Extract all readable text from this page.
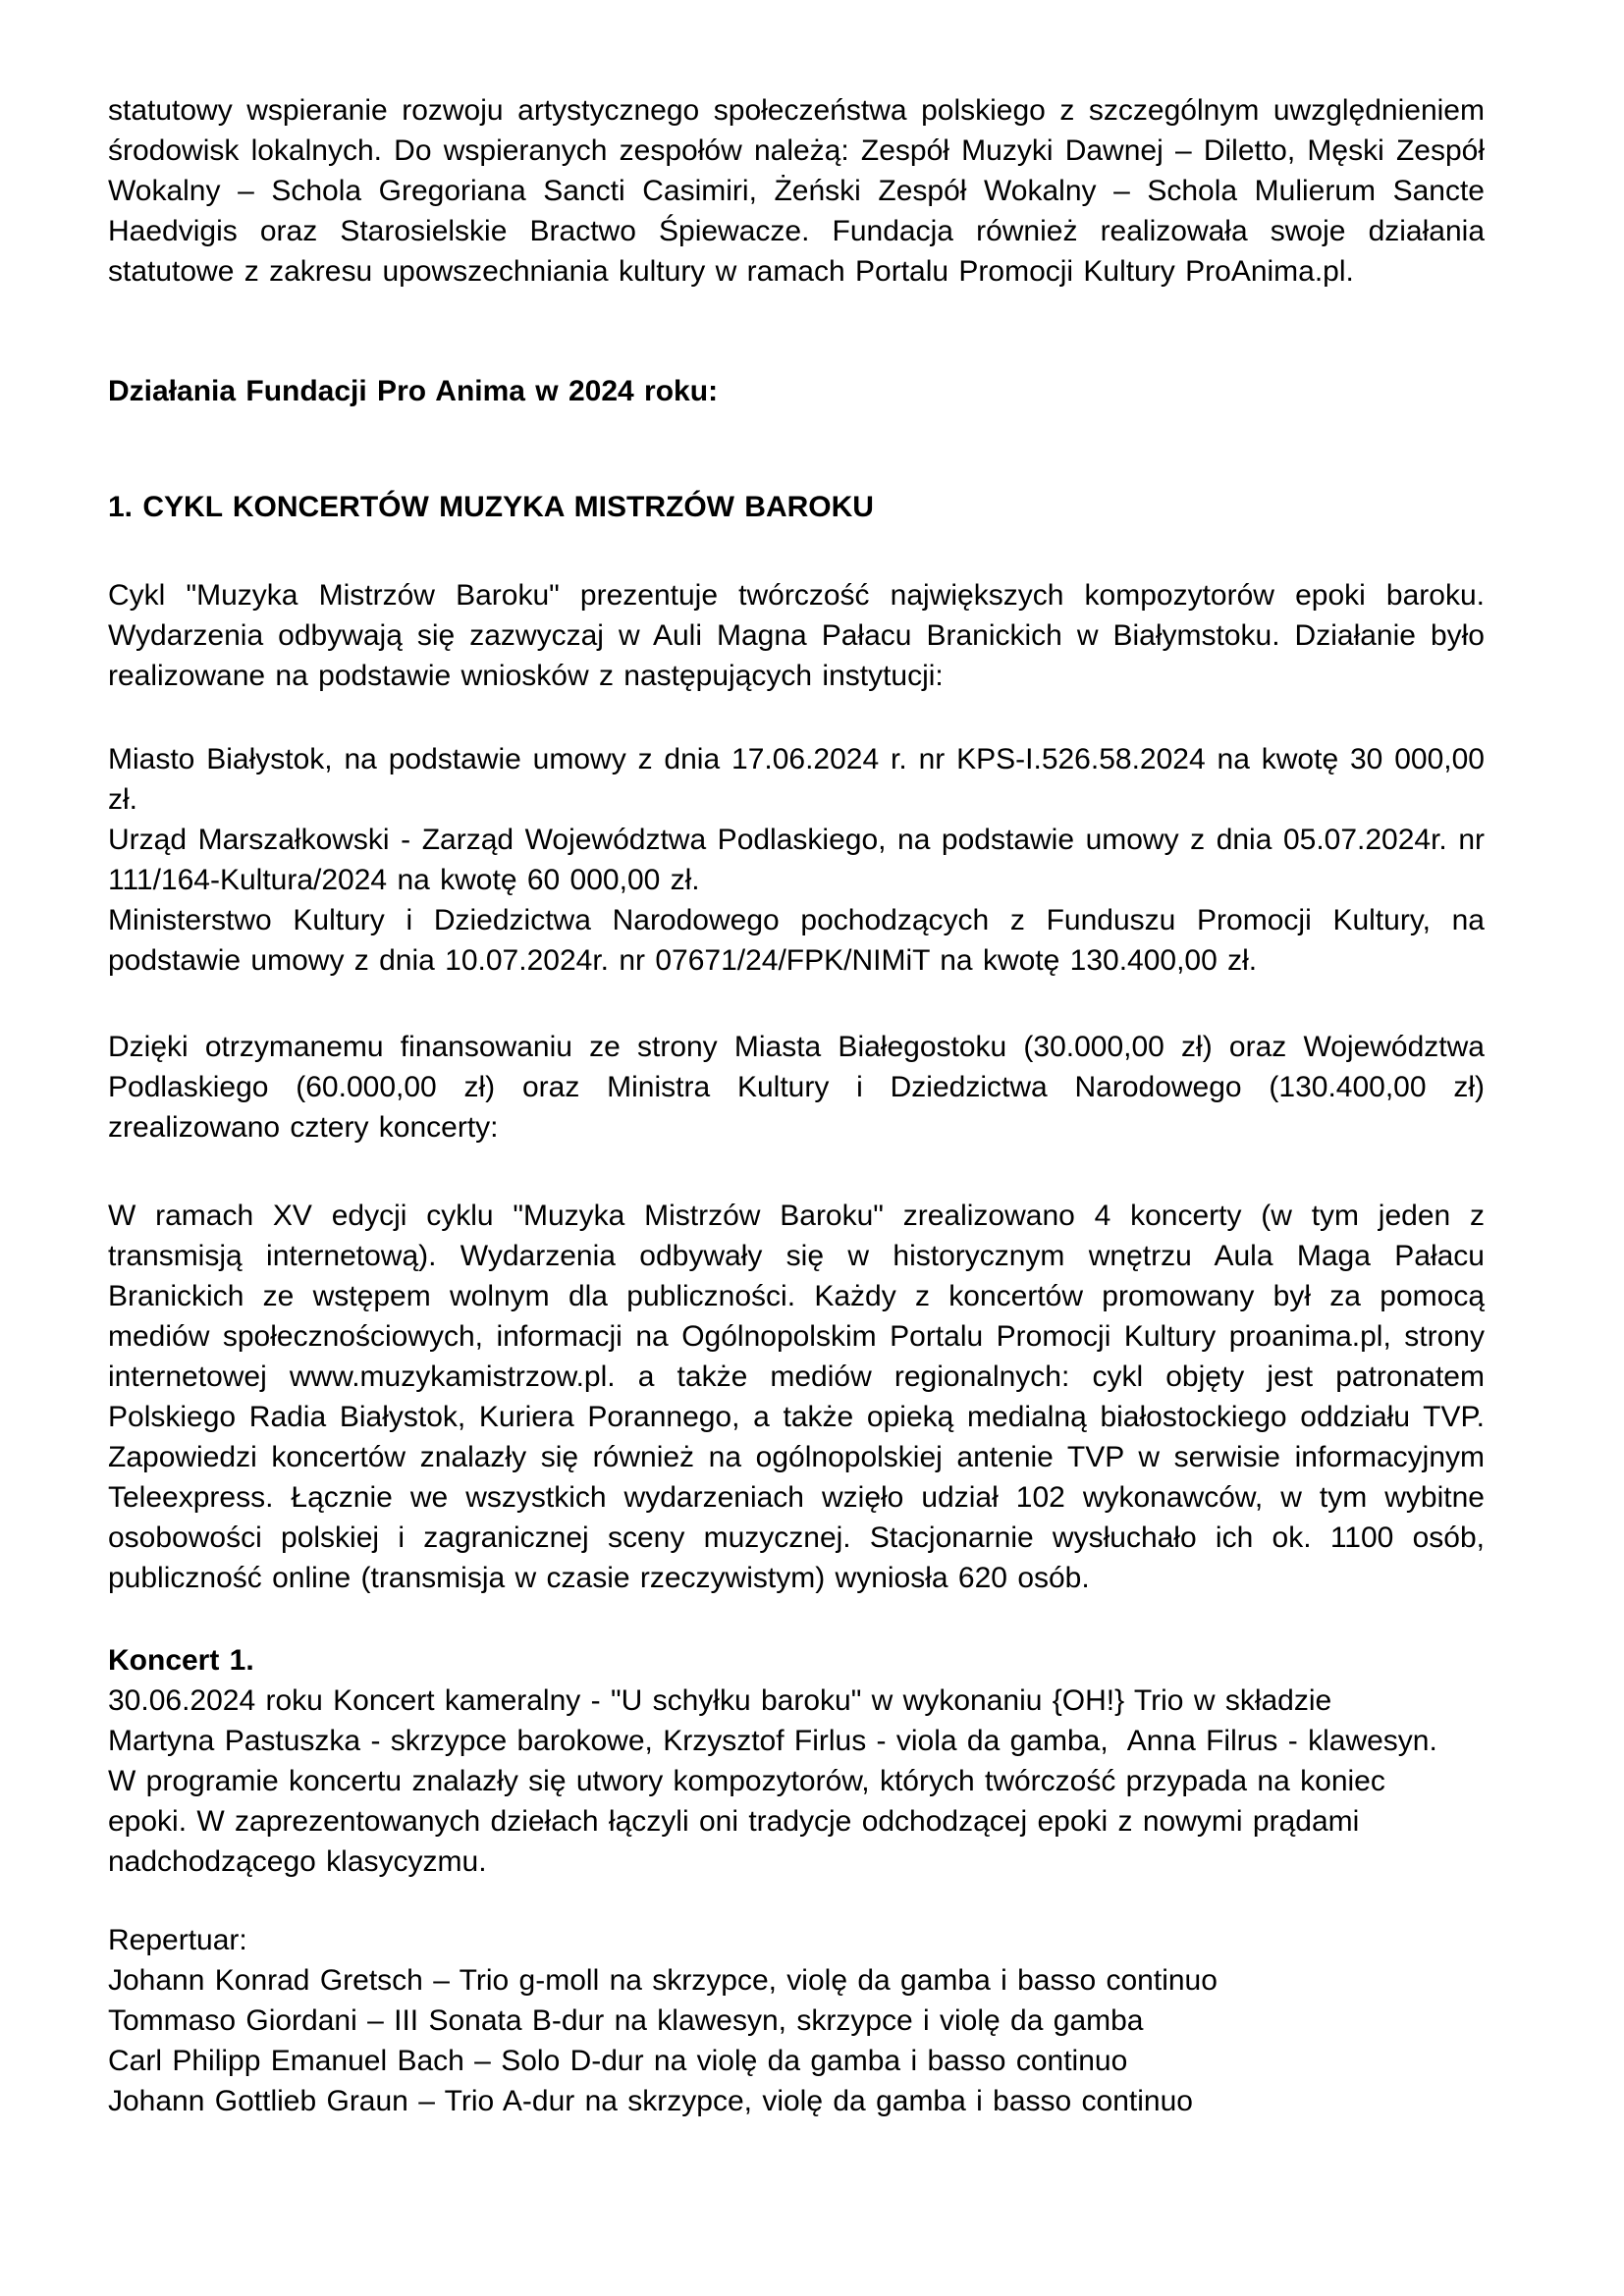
statutowy wspieranie rozwoju artystycznego społeczeństwa polskiego z szczególnym uwzględnieniem środowisk lokalnych. Do wspieranych zespołów należą: Zespół Muzyki Dawnej – Diletto, Męski Zespół Wokalny – Schola Gregoriana Sancti Casimiri, Żeński Zespół Wokalny – Schola Mulierum Sancte Haedvigis oraz Starosielskie Bractwo Śpiewacze. Fundacja również realizowała swoje działania statutowe z zakresu upowszechniania kultury w ramach Portalu Promocji Kultury ProAnima.pl.

Działania Fundacji Pro Anima w 2024 roku:

1. CYKL KONCERTÓW MUZYKA MISTRZÓW BAROKU

Cykl "Muzyka Mistrzów Baroku" prezentuje twórczość największych kompozytorów epoki baroku. Wydarzenia odbywają się zazwyczaj w Auli Magna Pałacu Branickich w Białymstoku. Działanie było realizowane na podstawie wniosków z następujących instytucji:

Miasto Białystok, na podstawie umowy z dnia 17.06.2024 r. nr KPS-I.526.58.2024 na kwotę 30 000,00 zł.

Urząd Marszałkowski - Zarząd Województwa Podlaskiego, na podstawie umowy z dnia 05.07.2024r. nr 111/164-Kultura/2024 na kwotę 60 000,00 zł.

Ministerstwo Kultury i Dziedzictwa Narodowego pochodzących z Funduszu Promocji Kultury, na podstawie umowy z dnia 10.07.2024r. nr 07671/24/FPK/NIMiT na kwotę 130.400,00 zł.

Dzięki otrzymanemu finansowaniu ze strony Miasta Białegostoku (30.000,00 zł) oraz Województwa Podlaskiego (60.000,00 zł) oraz Ministra Kultury i Dziedzictwa Narodowego (130.400,00 zł) zrealizowano cztery koncerty:

W ramach XV edycji cyklu "Muzyka Mistrzów Baroku" zrealizowano 4 koncerty (w tym jeden z transmisją internetową). Wydarzenia odbywały się w historycznym wnętrzu Aula Maga Pałacu Branickich ze wstępem wolnym dla publiczności. Każdy z koncertów promowany był za pomocą mediów społecznościowych, informacji na Ogólnopolskim Portalu Promocji Kultury proanima.pl, strony internetowej www.muzykamistrzow.pl. a także mediów regionalnych: cykl objęty jest patronatem Polskiego Radia Białystok, Kuriera Porannego, a także opieką medialną białostockiego oddziału TVP. Zapowiedzi koncertów znalazły się również na ogólnopolskiej antenie TVP w serwisie informacyjnym Teleexpress. Łącznie we wszystkich wydarzeniach wzięło udział 102 wykonawców, w tym wybitne osobowości polskiej i zagranicznej sceny muzycznej. Stacjonarnie wysłuchało ich ok. 1100 osób, publiczność online (transmisja w czasie rzeczywistym) wyniosła 620 osób.

Koncert 1.

30.06.2024 roku Koncert kameralny - "U schyłku baroku" w wykonaniu {OH!} Trio w składzie
Martyna Pastuszka - skrzypce barokowe, Krzysztof Firlus - viola da gamba,  Anna Filrus - klawesyn.
W programie koncertu znalazły się utwory kompozytorów, których twórczość przypada na koniec
epoki. W zaprezentowanych dziełach łączyli oni tradycje odchodzącej epoki z nowymi prądami
nadchodzącego klasycyzmu.

Repertuar:

Johann Konrad Gretsch – Trio g-moll na skrzypce, violę da gamba i basso continuo
Tommaso Giordani – III Sonata B-dur na klawesyn, skrzypce i violę da gamba
Carl Philipp Emanuel Bach – Solo D-dur na violę da gamba i basso continuo
Johann Gottlieb Graun – Trio A-dur na skrzypce, violę da gamba i basso continuo
